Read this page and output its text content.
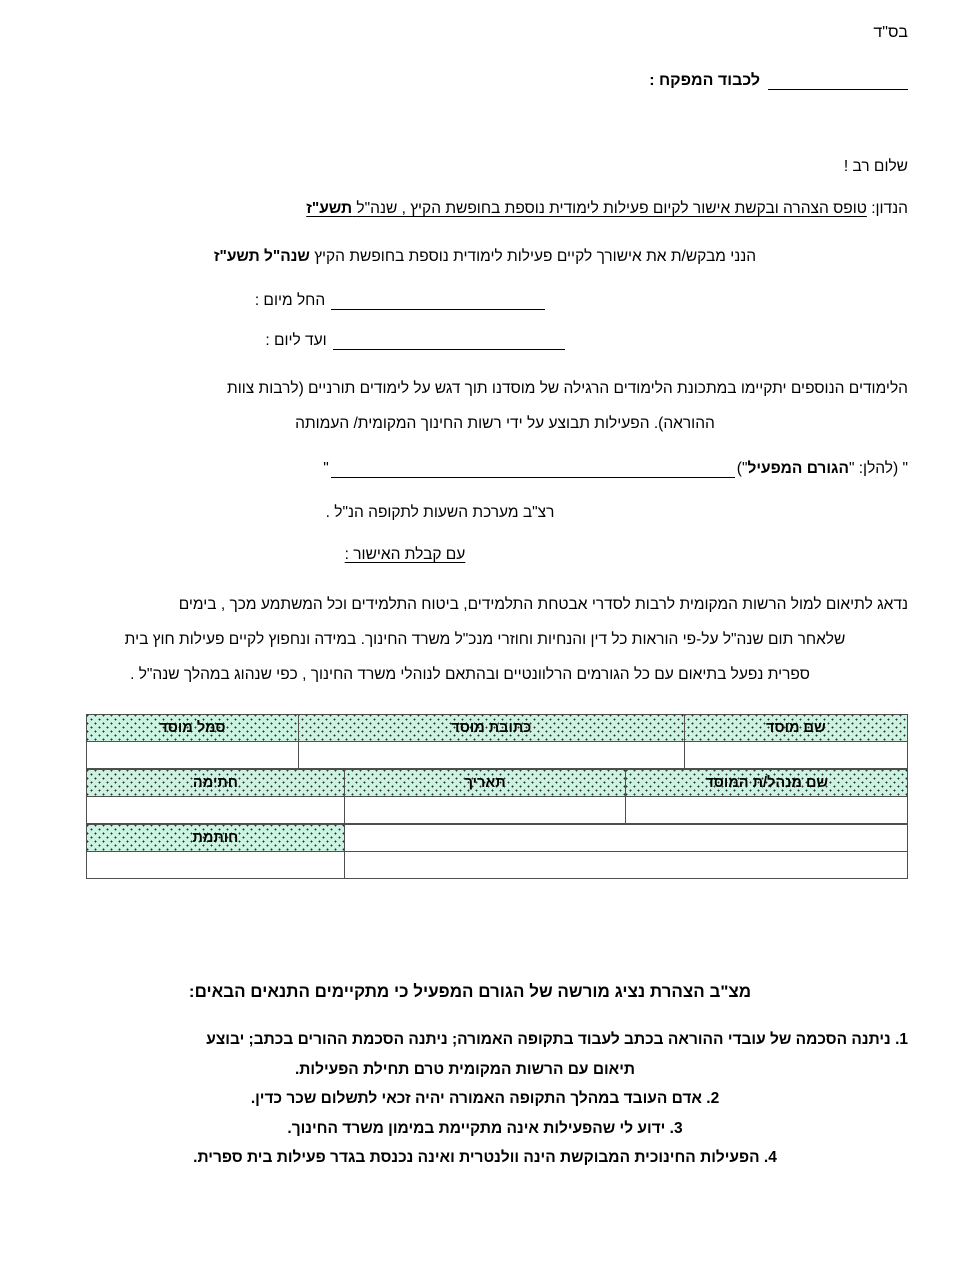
בס"ד
לכבוד המפקח :
שלום רב !
הנדון: טופס הצהרה ובקשת אישור לקיום פעילות לימודית נוספת בחופשת הקיץ , שנה"ל תשע"ז
הנני מבקש/ת את אישורך לקיים פעילות לימודית נוספת בחופשת הקיץ שנה"ל תשע"ז
החל מיום :
ועד ליום :
הלימודים הנוספים יתקיימו במתכונת הלימודים הרגילה של מוסדנו תוך דגש על לימודים תורניים (לרבות צוות
ההוראה). הפעילות תבוצע על ידי רשות החינוך המקומית/ העמותה
" (להלן: "הגורם המפעיל")
"
רצ"ב מערכת השעות לתקופה הנ"ל .
עם קבלת האישור :
נדאג לתיאום למול הרשות המקומית לרבות לסדרי אבטחת התלמידים, ביטוח התלמידים וכל המשתמע מכך , בימים
שלאחר תום שנה"ל על-פי הוראות כל דין והנחיות וחוזרי מנכ"ל משרד החינוך. במידה ונחפוץ לקיים פעילות חוץ בית
ספרית נפעל בתיאום עם כל הגורמים הרלוונטיים ובהתאם לנוהלי משרד החינוך , כפי שנהוג במהלך שנה"ל .
שם מוסד	כתובת מוסד	סמל מוסד

שם מנהל/ת המוסד	תאריך	חתימה

	חותמת

מצ"ב הצהרת נציג מורשה של הגורם המפעיל כי מתקיימים התנאים הבאים:
1. ניתנה הסכמה של עובדי ההוראה בכתב לעבוד בתקופה האמורה; ניתנה הסכמת ההורים בכתב; יבוצע
תיאום עם הרשות המקומית טרם תחילת הפעילות.
2. אדם העובד במהלך התקופה האמורה יהיה זכאי לתשלום שכר כדין.
3. ידוע לי שהפעילות אינה מתקיימת במימון משרד החינוך.
4. הפעילות החינוכית המבוקשת הינה וולנטרית ואינה נכנסת בגדר פעילות בית ספרית.
